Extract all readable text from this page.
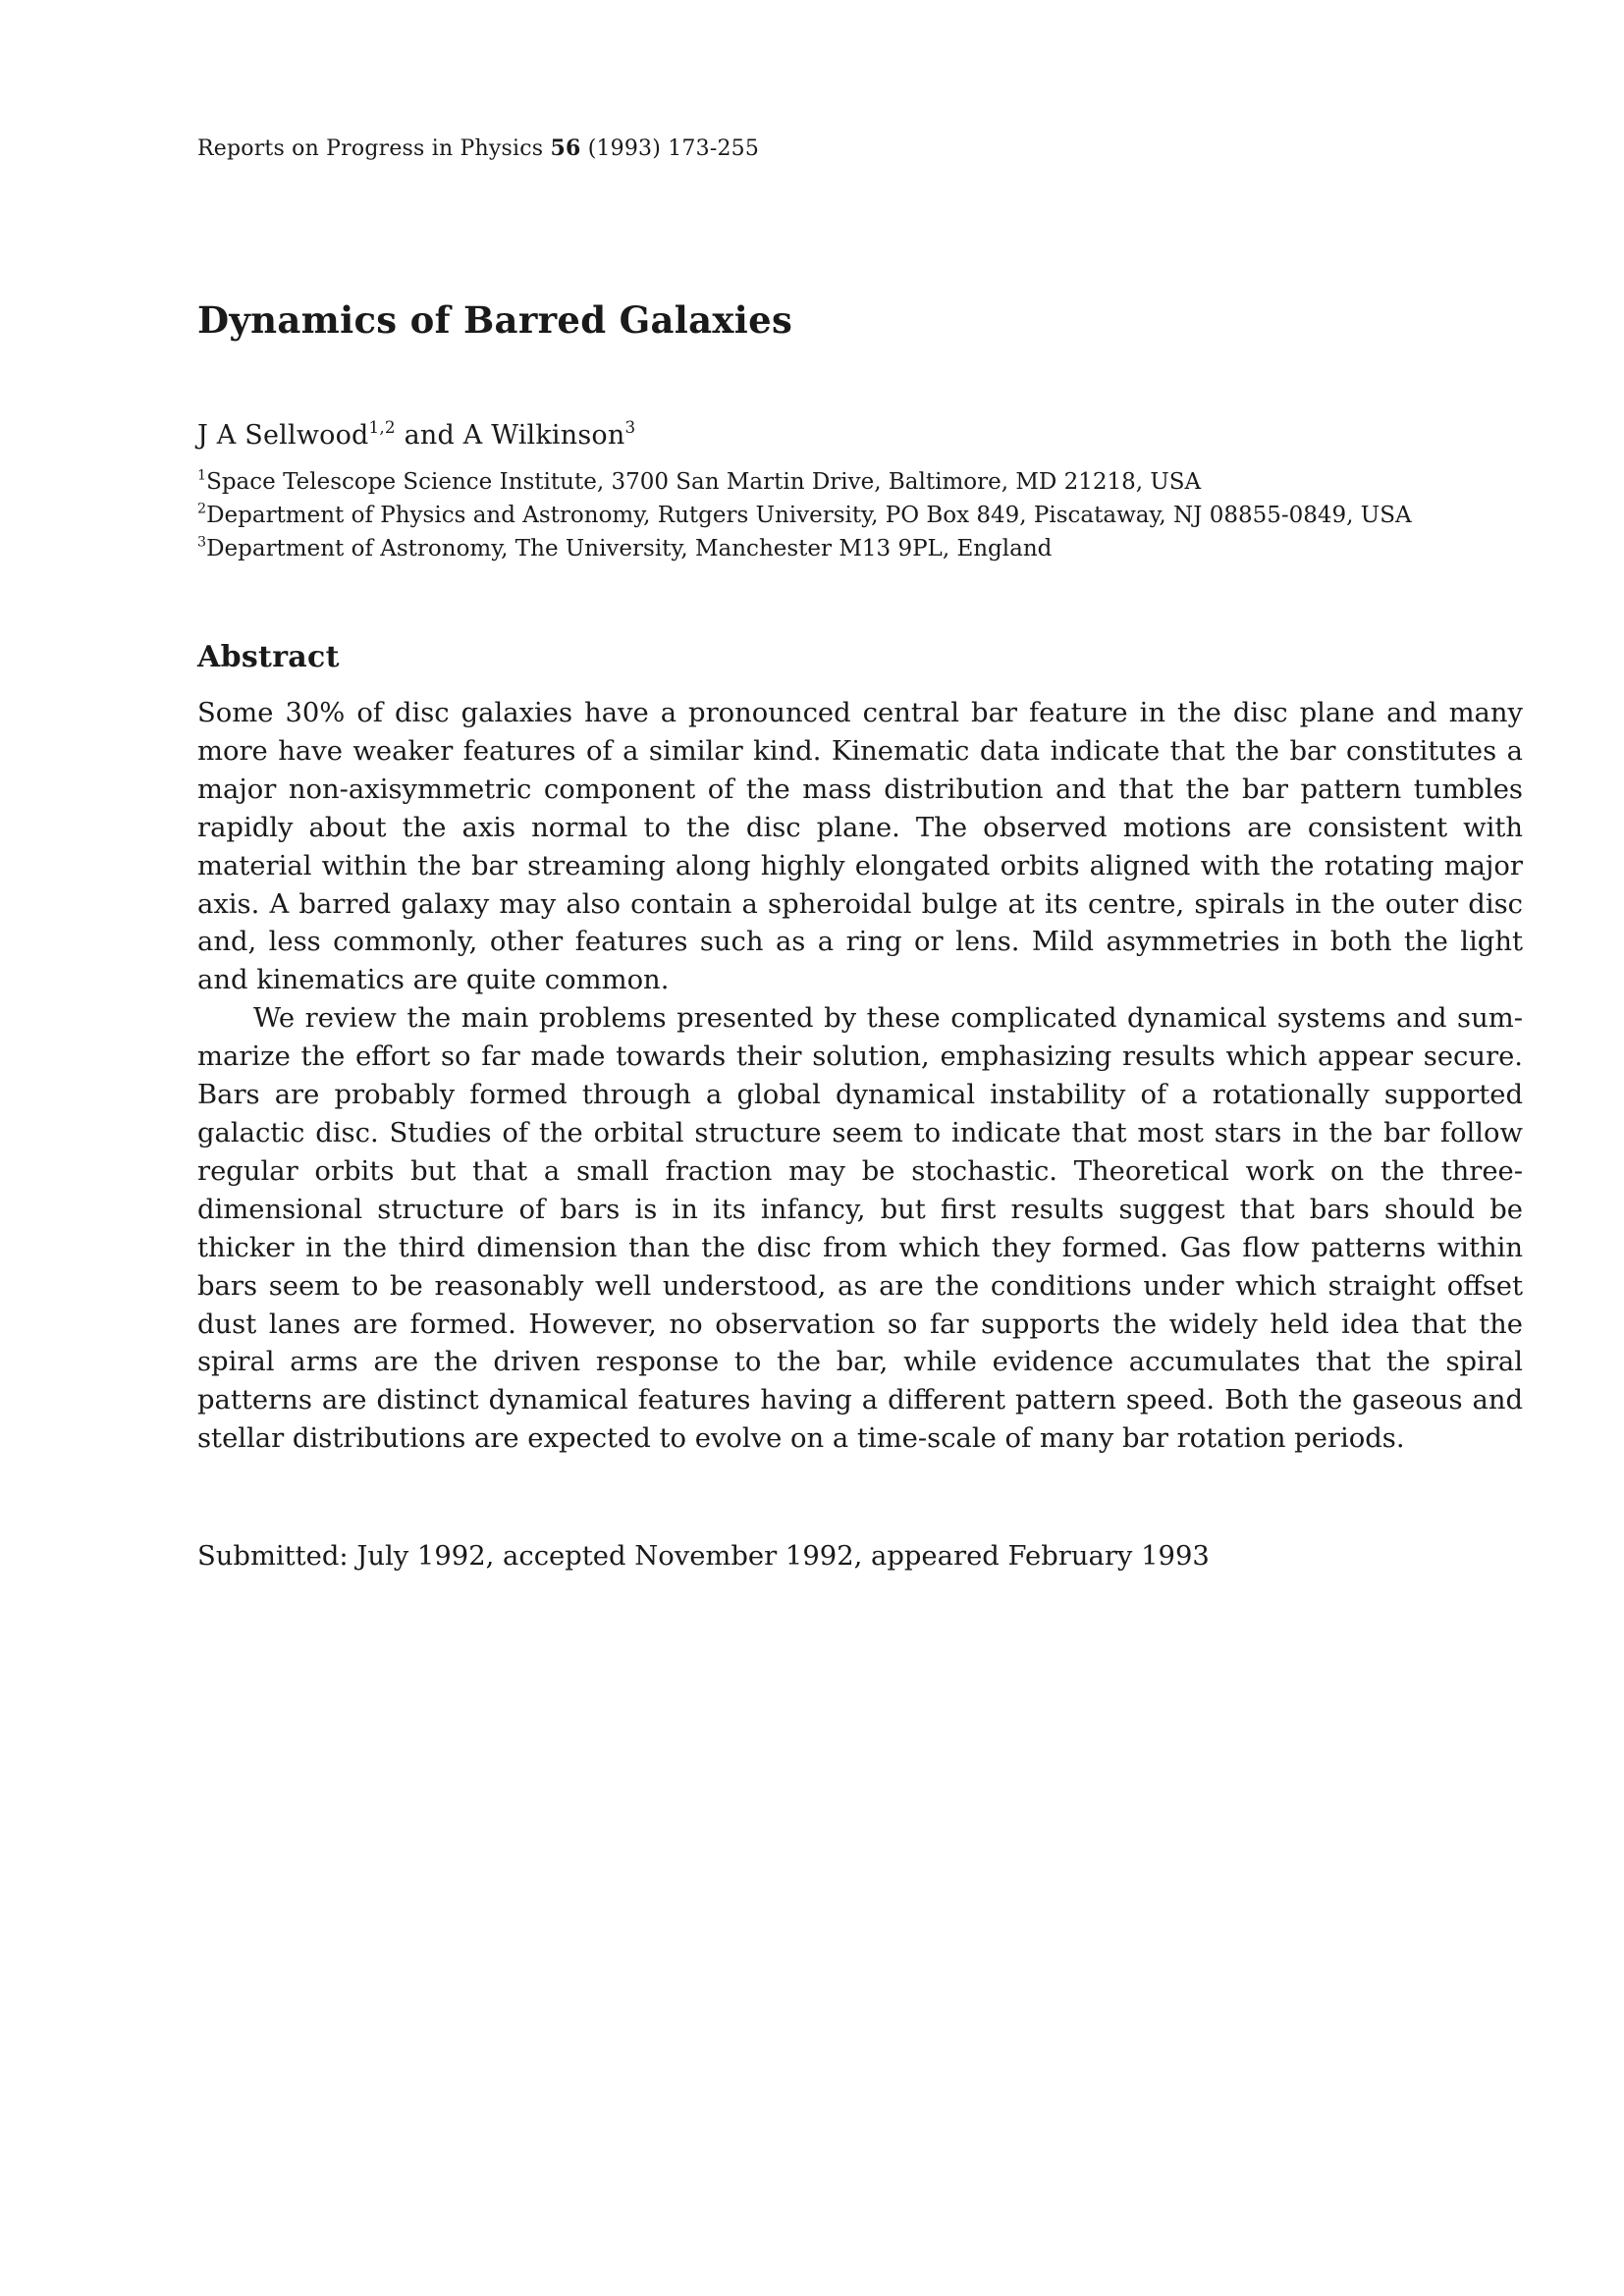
Reports on Progress in Physics 56 (1993) 173-255
Dynamics of Barred Galaxies
J A Sellwood$^{1,2}$ and A Wilkinson$^3$
$^1$Space Telescope Science Institute, 3700 San Martin Drive, Baltimore, MD 21218, USA
$^2$Department of Physics and Astronomy, Rutgers University, PO Box 849, Piscataway, NJ 08855-0849, USA
$^3$Department of Astronomy, The University, Manchester M13 9PL, England
Abstract

Some 30% of disc galaxies have a pronounced central bar feature in the disc plane and many more have weaker features of a similar kind. Kinematic data indicate that the bar constitutes a major non-axisymmetric component of the mass distribution and that the bar pattern tumbles rapidly about the axis normal to the disc plane. The observed motions are consistent with material within the bar streaming along highly elongated orbits aligned with the rotating major axis. A barred galaxy may also contain a spheroidal bulge at its centre, spirals in the outer disc and, less commonly, other features such as a ring or lens. Mild asymmetries in both the light and kinematics are quite common.

We review the main problems presented by these complicated dynamical systems and summarize the effort so far made towards their solution, emphasizing results which appear secure. Bars are probably formed through a global dynamical instability of a rotationally supported galactic disc. Studies of the orbital structure seem to indicate that most stars in the bar follow regular orbits but that a small fraction may be stochastic. Theoretical work on the three-dimensional structure of bars is in its infancy, but first results suggest that bars should be thicker in the third dimension than the disc from which they formed. Gas flow patterns within bars seem to be reasonably well understood, as are the conditions under which straight offset dust lanes are formed. However, no observation so far supports the widely held idea that the spiral arms are the driven response to the bar, while evidence accumulates that the spiral patterns are distinct dynamical features having a different pattern speed. Both the gaseous and stellar distributions are expected to evolve on a time-scale of many bar rotation periods.

Submitted: July 1992, accepted November 1992, appeared February 1993
